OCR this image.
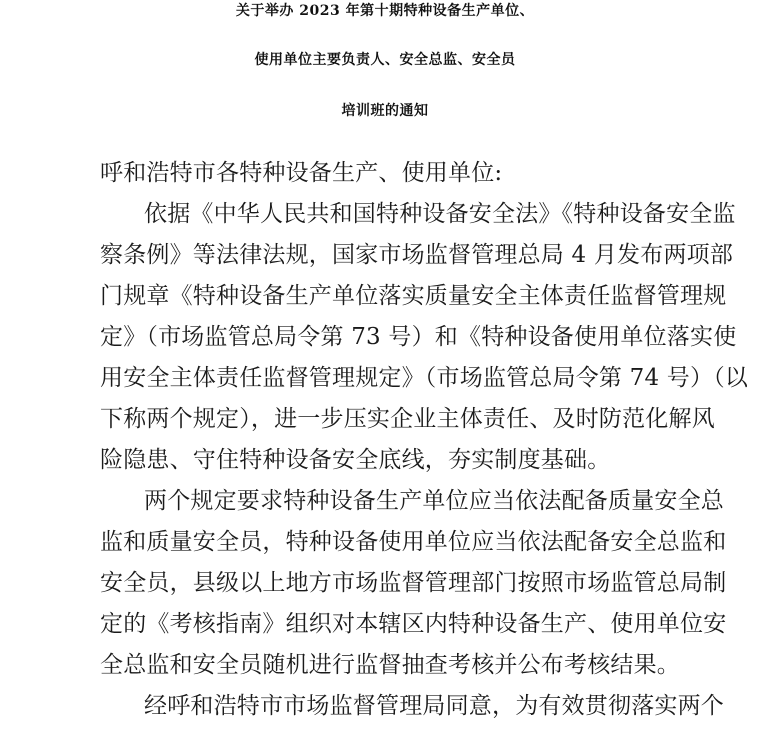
关于举办 2023 年第十期特种设备生产单位、
使用单位主要负责人、安全总监、安全员
培训班的通知
呼和浩特市各特种设备生产、使用单位:
依据《中华人民共和国特种设备安全法》《特种设备安全监
察条例》等法律法规，国家市场监督管理总局 4 月发布两项部
门规章《特种设备生产单位落实质量安全主体责任监督管理规
定》（市场监管总局令第 73 号）和《特种设备使用单位落实使
用安全主体责任监督管理规定》（市场监管总局令第 74 号）（以
下称两个规定），进一步压实企业主体责任、及时防范化解风
险隐患、守住特种设备安全底线，夯实制度基础。
两个规定要求特种设备生产单位应当依法配备质量安全总
监和质量安全员，特种设备使用单位应当依法配备安全总监和
安全员，县级以上地方市场监督管理部门按照市场监管总局制
定的《考核指南》组织对本辖区内特种设备生产、使用单位安
全总监和安全员随机进行监督抽查考核并公布考核结果。
经呼和浩特市市场监督管理局同意，为有效贯彻落实两个
